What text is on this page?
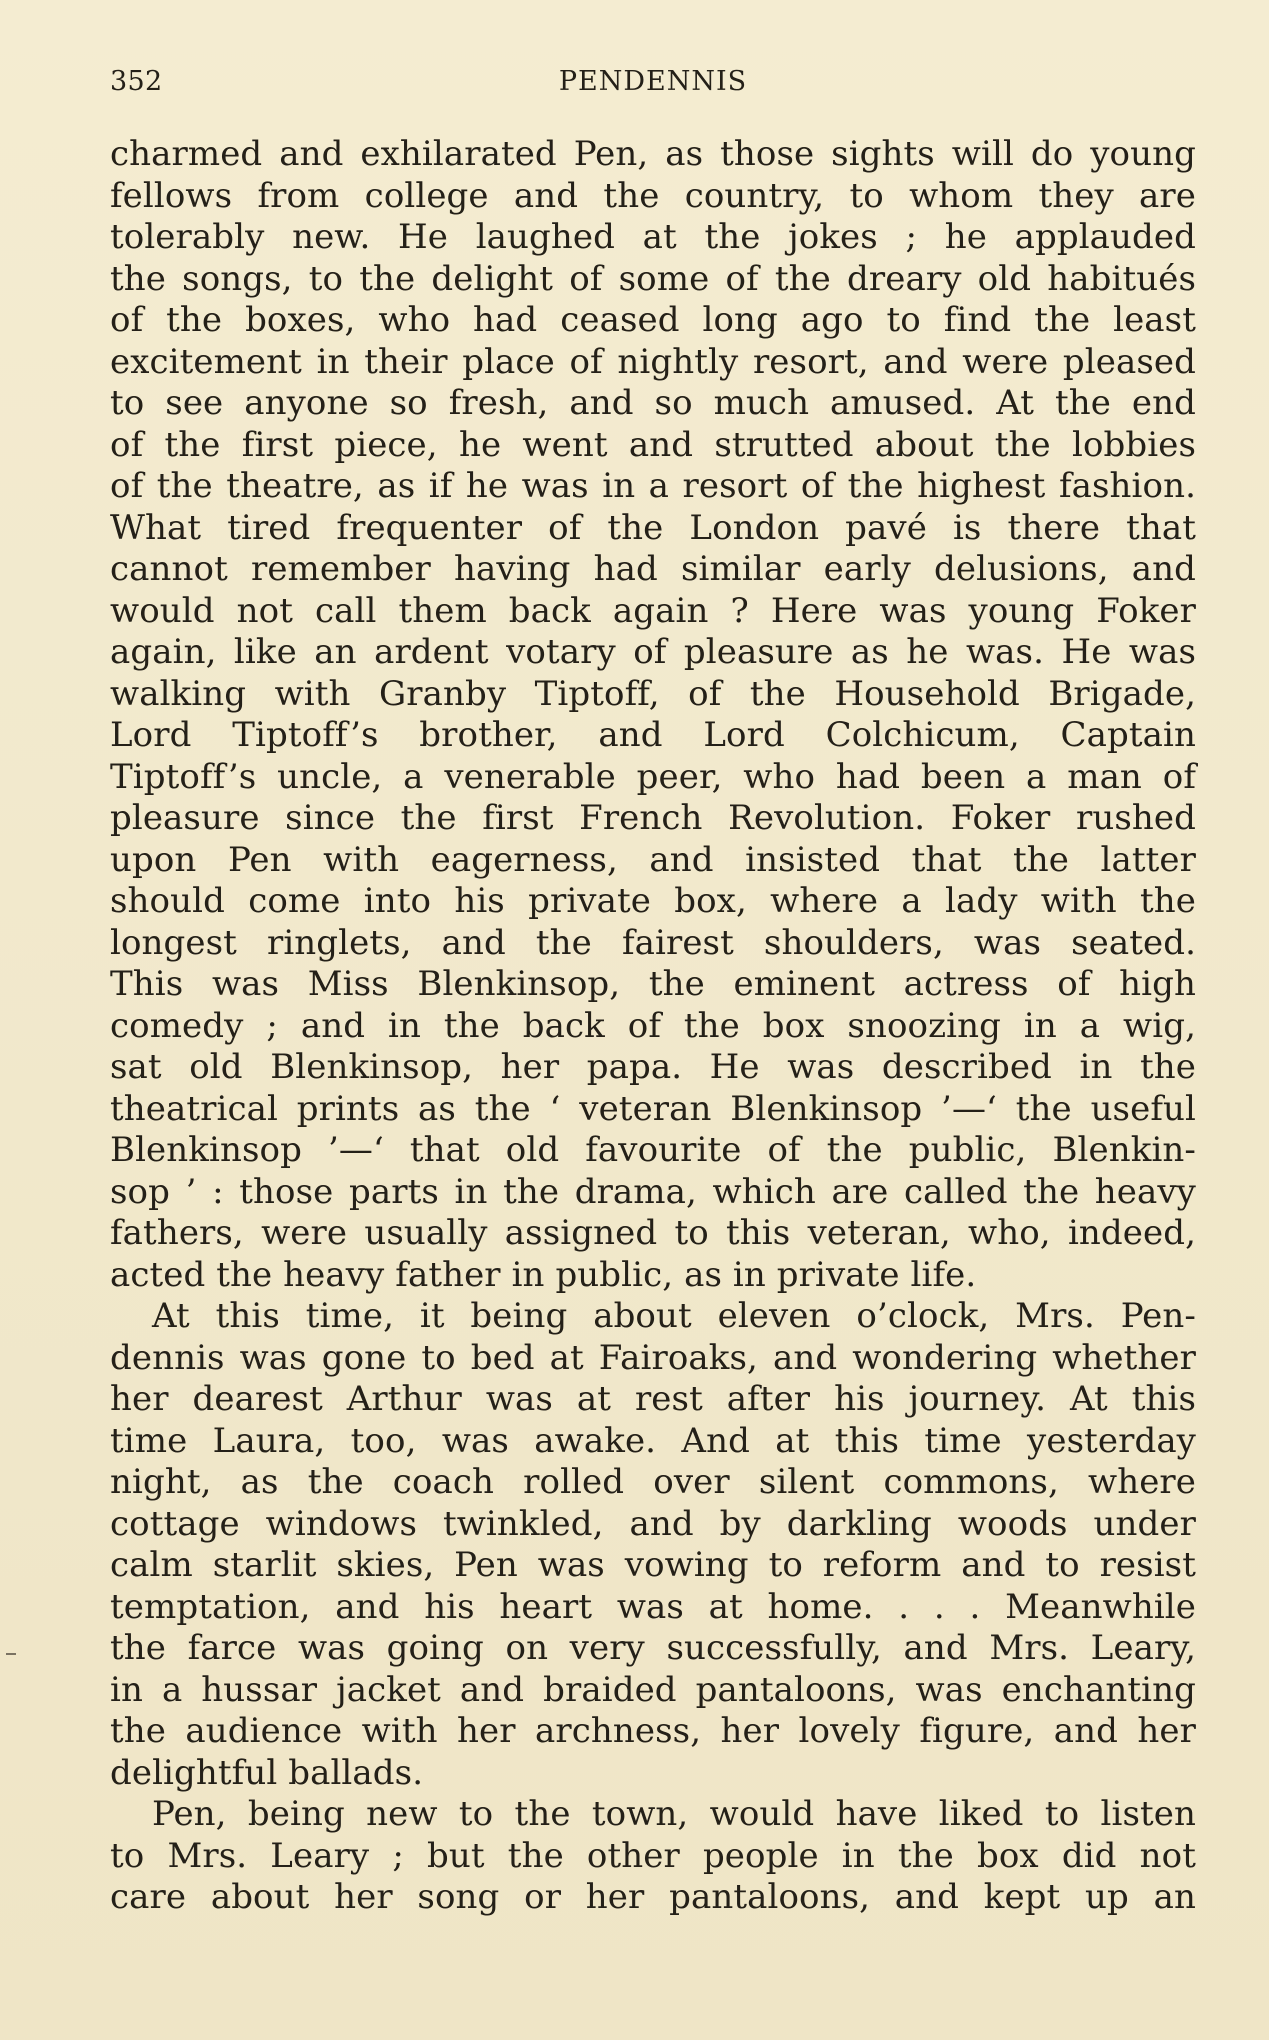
352	PENDENNIS
charmed and exhilarated Pen, as those sights will do young
fellows from college and the country, to whom they are
tolerably new. He laughed at the jokes ; he applauded
the songs, to the delight of some of the dreary old habitués
of the boxes, who had ceased long ago to find the least
excitement in their place of nightly resort, and were pleased
to see anyone so fresh, and so much amused. At the end
of the first piece, he went and strutted about the lobbies
of the theatre, as if he was in a resort of the highest fashion.
What tired frequenter of the London pavé is there that
cannot remember having had similar early delusions, and
would not call them back again ? Here was young Foker
again, like an ardent votary of pleasure as he was. He was
walking with Granby Tiptoff, of the Household Brigade,
Lord Tiptoff’s brother, and Lord Colchicum, Captain
Tiptoff’s uncle, a venerable peer, who had been a man of
pleasure since the first French Revolution. Foker rushed
upon Pen with eagerness, and insisted that the latter
should come into his private box, where a lady with the
longest ringlets, and the fairest shoulders, was seated.
This was Miss Blenkinsop, the eminent actress of high
comedy ; and in the back of the box snoozing in a wig,
sat old Blenkinsop, her papa. He was described in the
theatrical prints as the ‘ veteran Blenkinsop ’—‘ the useful
Blenkinsop ’—‘ that old favourite of the public, Blenkin-
sop ’ : those parts in the drama, which are called the heavy
fathers, were usually assigned to this veteran, who, indeed,
acted the heavy father in public, as in private life.
At this time, it being about eleven o’clock, Mrs. Pen-
dennis was gone to bed at Fairoaks, and wondering whether
her dearest Arthur was at rest after his journey. At this
time Laura, too, was awake. And at this time yesterday
night, as the coach rolled over silent commons, where
cottage windows twinkled, and by darkling woods under
calm starlit skies, Pen was vowing to reform and to resist
temptation, and his heart was at home. . . . Meanwhile
the farce was going on very successfully, and Mrs. Leary,
in a hussar jacket and braided pantaloons, was enchanting
the audience with her archness, her lovely figure, and her
delightful ballads.
Pen, being new to the town, would have liked to listen
to Mrs. Leary ; but the other people in the box did not
care about her song or her pantaloons, and kept up an
